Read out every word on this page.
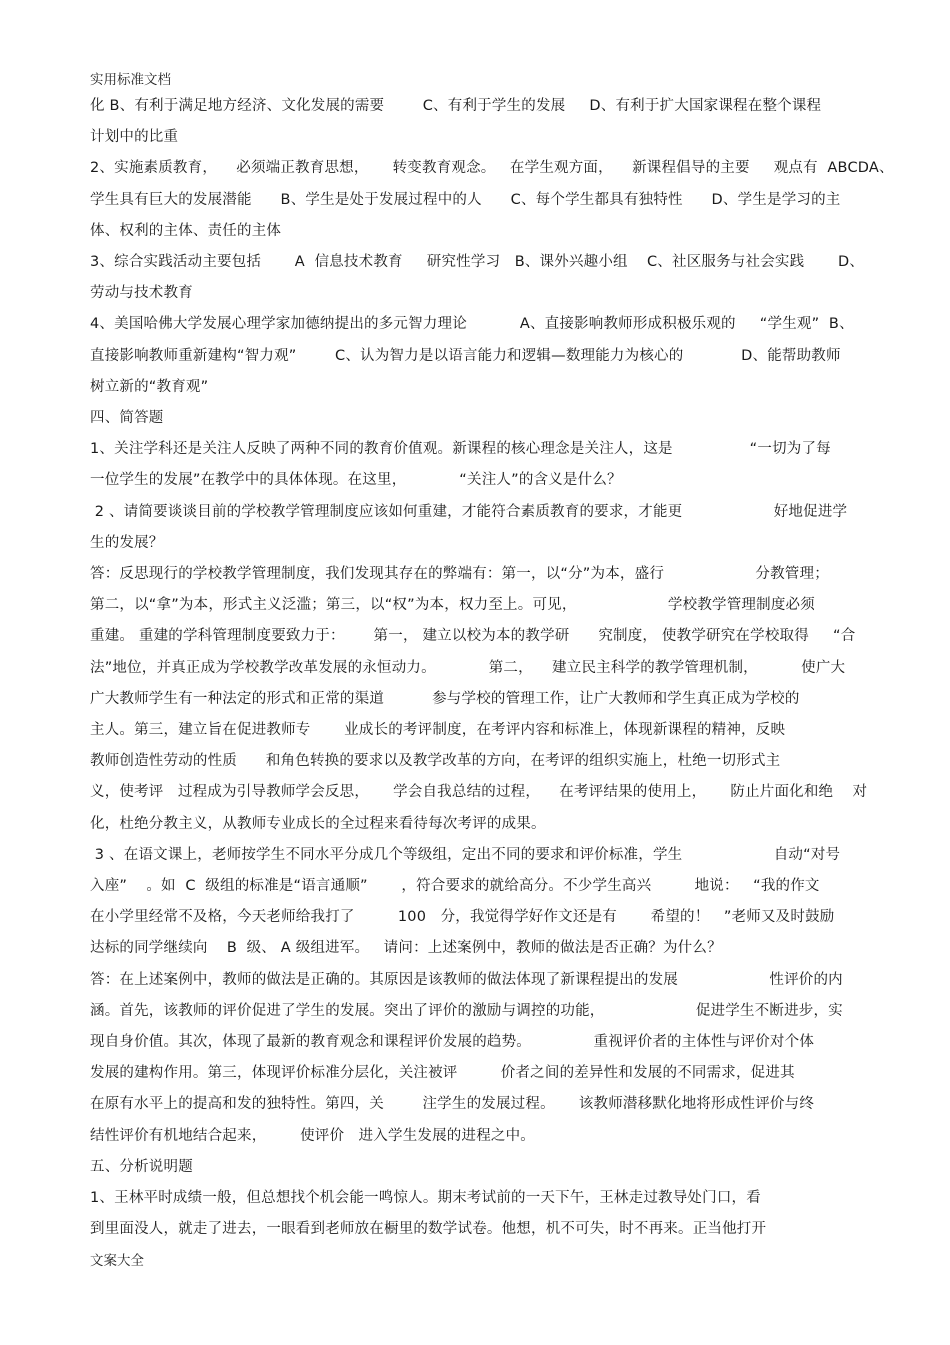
实用标准文档
化 B、有利于满足地方经济、文化发展的需要        C、有利于学生的发展     D、有利于扩大国家课程在整个课程
计划中的比重
2、实施素质教育，    必须端正教育思想，     转变教育观念。   在学生观方面，    新课程倡导的主要     观点有  ABCDA、
学生具有巨大的发展潜能      B、学生是处于发展过程中的人      C、每个学生都具有独特性      D、学生是学习的主
体、权利的主体、责任的主体
3、综合实践活动主要包括       A  信息技术教育     研究性学习   B、课外兴趣小组    C、社区服务与社会实践       D、
劳动与技术教育
4、美国哈佛大学发展心理学家加德纳提出的多元智力理论           A、直接影响教师形成积极乐观的     “学生观”  B、
直接影响教师重新建构“智力观”        C、认为智力是以语言能力和逻辑—数理能力为核心的            D、能帮助教师
树立新的“教育观”
四、简答题
1、关注学科还是关注人反映了两种不同的教育价值观。新课程的核心理念是关注人，这是                “一切为了每
一位学生的发展”在教学中的具体体现。在这里，           “关注人”的含义是什么？
2 、请简要谈谈目前的学校教学管理制度应该如何重建，才能符合素质教育的要求，才能更                   好地促进学
生的发展？
答：反思现行的学校教学管理制度，我们发现其存在的弊端有：第一，以“分”为本，盛行                   分教管理；
第二，以“拿”为本，形式主义泛滥；第三，以“权”为本，权力至上。可见，                   学校教学管理制度必须
重建。 重建的学科管理制度要致力于：      第一， 建立以校为本的教学研      究制度， 使教学研究在学校取得     “合
法”地位，并真正成为学校教学改革发展的永恒动力。           第二，    建立民主科学的教学管理机制，         使广大
广大教师学生有一种法定的形式和正常的渠道          参与学校的管理工作，让广大教师和学生真正成为学校的
主人。第三，建立旨在促进教师专       业成长的考评制度，在考评内容和标准上，体现新课程的精神，反映
教师创造性劳动的性质      和角色转换的要求以及教学改革的方向，在考评的组织实施上，杜绝一切形式主
义，使考评   过程成为引导教师学会反思，     学会自我总结的过程，    在考评结果的使用上，     防止片面化和绝    对
化，杜绝分教主义，从教师专业成长的全过程来看待每次考评的成果。
3 、在语文课上，老师按学生不同水平分成几个等级组，定出不同的要求和评价标准，学生                   自动“对号
入座”    。如  C  级组的标准是“语言通顺”       ，符合要求的就给高分。不少学生高兴         地说：   “我的作文
在小学里经常不及格，今天老师给我打了         100   分，我觉得学好作文还是有       希望的！   ”老师又及时鼓励
达标的同学继续向    B  级、 A 级组进军。   请问：上述案例中，教师的做法是否正确？为什么？
答：在上述案例中，教师的做法是正确的。其原因是该教师的做法体现了新课程提出的发展                   性评价的内
涵。首先，该教师的评价促进了学生的发展。突出了评价的激励与调控的功能，                   促进学生不断进步，实
现自身价值。其次，体现了最新的教育观念和课程评价发展的趋势。             重视评价者的主体性与评价对个体
发展的建构作用。第三，体现评价标准分层化，关注被评         价者之间的差异性和发展的不同需求，促进其
在原有水平上的提高和发的独特性。第四，关        注学生的发展过程。     该教师潜移默化地将形成性评价与终
结性评价有机地结合起来，       使评价   进入学生发展的进程之中。
五、分析说明题
1、王林平时成绩一般，但总想找个机会能一鸣惊人。期末考试前的一天下午，王林走过教导处门口，看
到里面没人，就走了进去，一眼看到老师放在橱里的数学试卷。他想，机不可失，时不再来。正当他打开
文案大全
